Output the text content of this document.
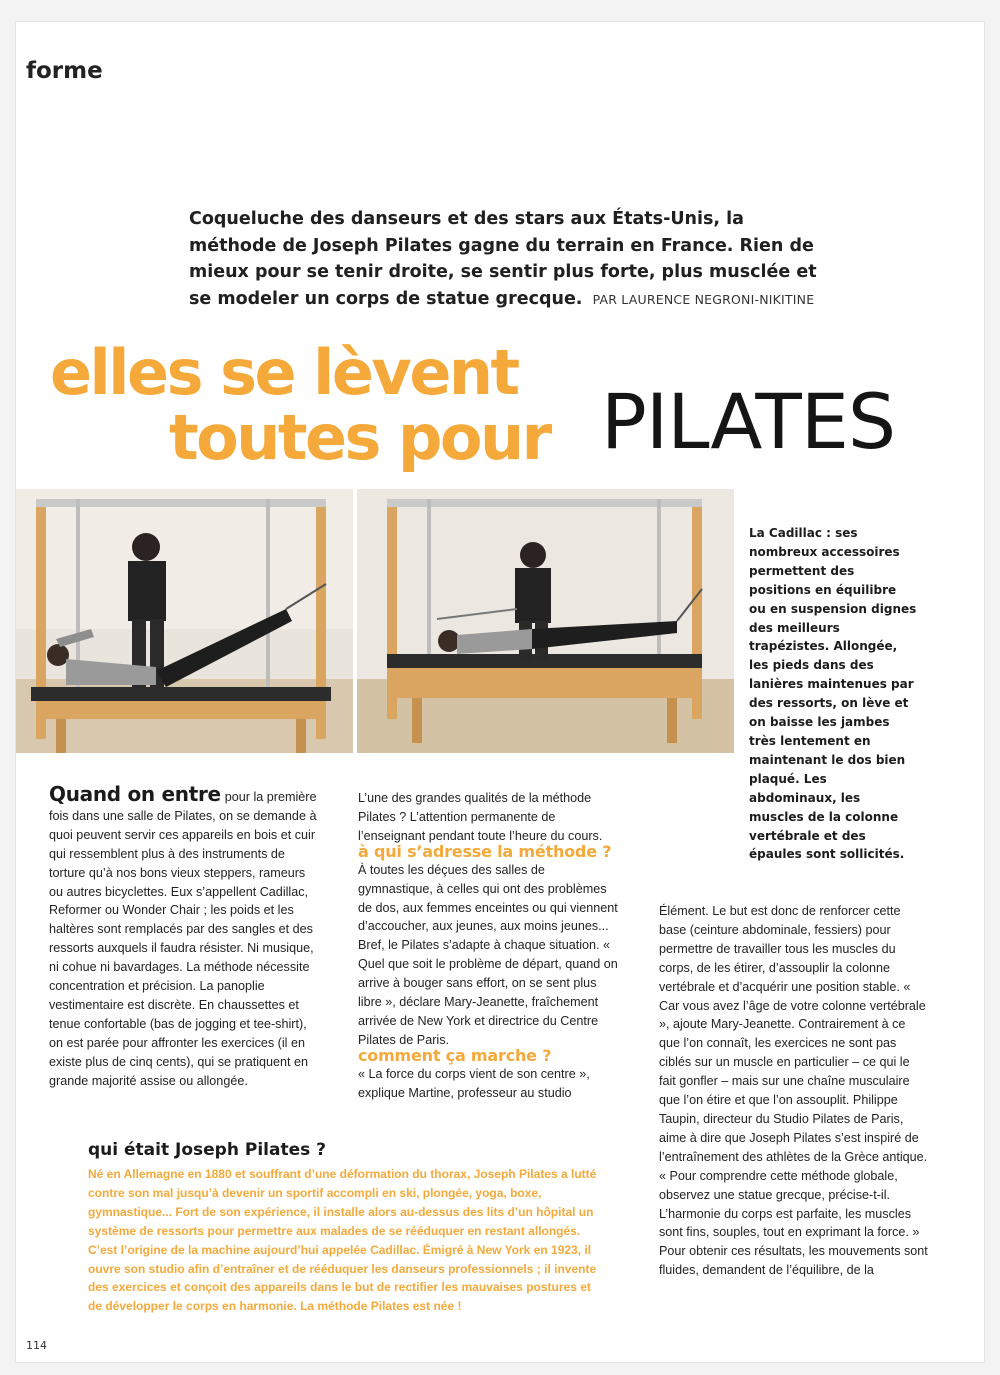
forme
Coqueluche des danseurs et des stars aux États-Unis, la méthode de Joseph Pilates gagne du terrain en France. Rien de mieux pour se tenir droite, se sentir plus forte, plus musclée et se modeler un corps de statue grecque. PAR LAURENCE NEGRONI-NIKITINE
elles se lèvent
toutes pour PILATES
La Cadillac : ses nombreux accessoires permettent des positions en équilibre ou en suspension dignes des meilleurs trapézistes. Allongée, les pieds dans des lanières maintenues par des ressorts, on lève et on baisse les jambes très lentement en maintenant le dos bien plaqué. Les abdominaux, les muscles de la colonne vertébrale et des épaules sont sollicités.

Quand on entre pour la première fois dans une salle de Pilates, on se demande à quoi peuvent servir ces appareils en bois et cuir qui ressemblent plus à des instruments de torture qu’à nos bons vieux steppers, rameurs ou autres bicyclettes. Eux s’appellent Cadillac, Reformer ou Wonder Chair ; les poids et les haltères sont remplacés par des sangles et des ressorts auxquels il faudra résister. Ni musique, ni cohue ni bavardages. La méthode nécessite concentration et précision. La panoplie vestimentaire est discrète. En chaussettes et tenue confortable (bas de jogging et tee-shirt), on est parée pour affronter les exercices (il en existe plus de cinq cents), qui se pratiquent en grande majorité assise ou allongée.

L’une des grandes qualités de la méthode Pilates ? L’attention permanente de l’enseignant pendant toute l’heure du cours.

à qui s’adresse la méthode ?

À toutes les déçues des salles de gymnastique, à celles qui ont des problèmes de dos, aux femmes enceintes ou qui viennent d’accoucher, aux jeunes, aux moins jeunes... Bref, le Pilates s’adapte à chaque situation. « Quel que soit le problème de départ, quand on arrive à bouger sans effort, on se sent plus libre », déclare Mary-Jeanette, fraîchement arrivée de New York et directrice du Centre Pilates de Paris.

comment ça marche ?

« La force du corps vient de son centre », explique Martine, professeur au studio

Élément. Le but est donc de renforcer cette base (ceinture abdominale, fessiers) pour permettre de travailler tous les muscles du corps, de les étirer, d’assouplir la colonne vertébrale et d’acquérir une position stable. « Car vous avez l’âge de votre colonne vertébrale », ajoute Mary-Jeanette. Contrairement à ce que l’on connaît, les exercices ne sont pas ciblés sur un muscle en particulier – ce qui le fait gonfler – mais sur une chaîne musculaire que l’on étire et que l’on assouplit. Philippe Taupin, directeur du Studio Pilates de Paris, aime à dire que Joseph Pilates s’est inspiré de l’entraînement des athlètes de la Grèce antique. « Pour comprendre cette méthode globale, observez une statue grecque, précise-t-il. L’harmonie du corps est parfaite, les muscles sont fins, souples, tout en exprimant la force. » Pour obtenir ces résultats, les mouvements sont fluides, demandent de l’équilibre, de la

qui était Joseph Pilates ?
Né en Allemagne en 1880 et souffrant d’une déformation du thorax, Joseph Pilates a lutté contre son mal jusqu’à devenir un sportif accompli en ski, plongée, yoga, boxe, gymnastique... Fort de son expérience, il installe alors au-dessus des lits d’un hôpital un système de ressorts pour permettre aux malades de se rééduquer en restant allongés. C’est l’origine de la machine aujourd’hui appelée Cadillac. Émigré à New York en 1923, il ouvre son studio afin d’entraîner et de rééduquer les danseurs professionnels ; il invente des exercices et conçoit des appareils dans le but de rectifier les mauvaises postures et de développer le corps en harmonie. La méthode Pilates est née !
114
